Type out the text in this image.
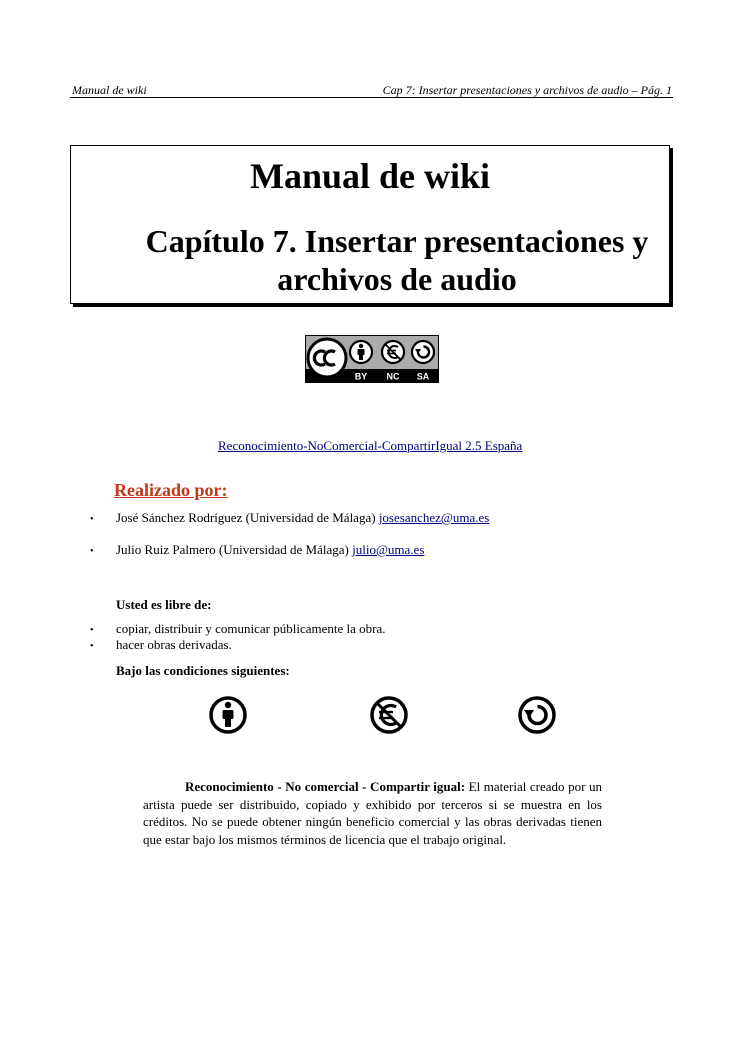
Manual de wiki	Cap 7: Insertar presentaciones y archivos de audio – Pág. 1
Manual de wiki
Capítulo 7. Insertar presentaciones y archivos de audio
BY NC SA
Reconocimiento-NoComercial-CompartirIgual 2.5 España
Realizado por:
• José Sánchez Rodríguez (Universidad de Málaga) josesanchez@uma.es
• Julio Ruiz Palmero (Universidad de Málaga) julio@uma.es
Usted es libre de:
• copiar, distribuir y comunicar públicamente la obra.
• hacer obras derivadas.
Bajo las condiciones siguientes:
Reconocimiento - No comercial - Compartir igual: El material creado por un artista puede ser distribuido, copiado y exhibido por terceros si se muestra en los créditos. No se puede obtener ningún beneficio comercial y las obras derivadas tienen que estar bajo los mismos términos de licencia que el trabajo original.
